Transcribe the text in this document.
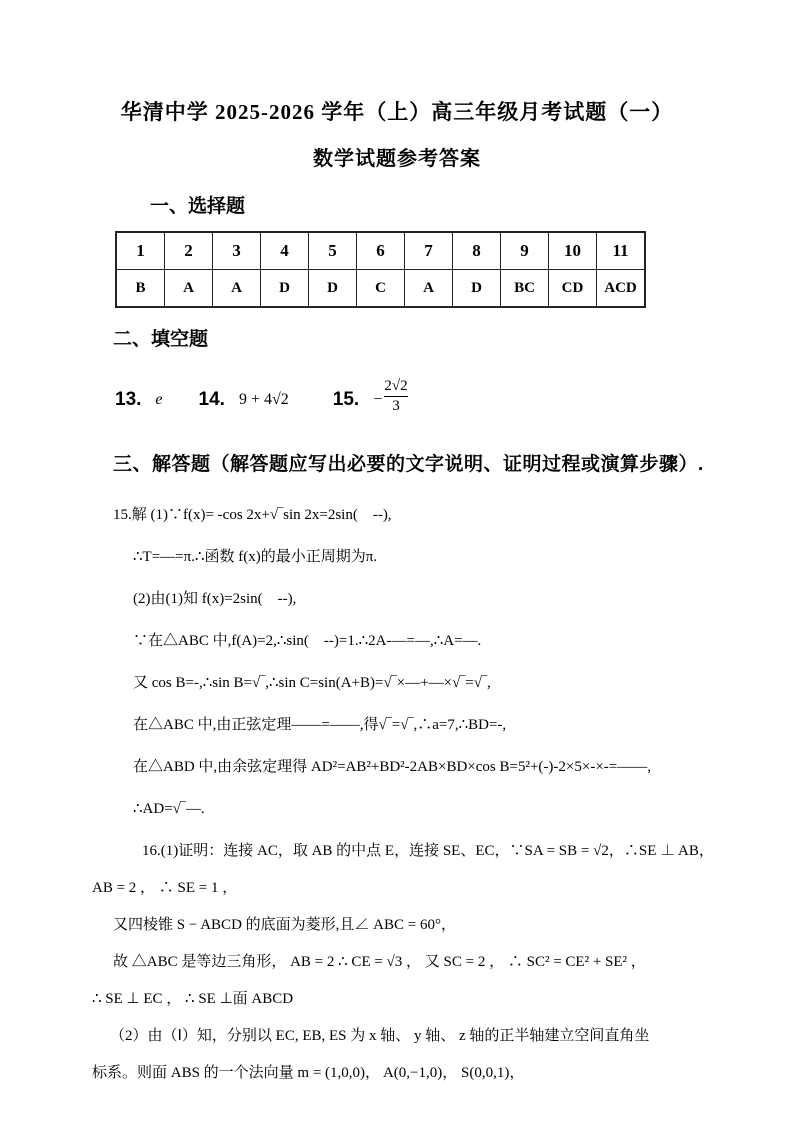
华清中学 2025-2026 学年（上）高三年级月考试题（一）
数学试题参考答案
一、选择题
1	2	3	4	5	6	7	8	9	10	11
B	A	A	D	D	C	A	D	BC	CD	ACD
二、填空题
13. e 14. 9 + 4√2 15. − $\frac{2√2}{3}$
三、解答题（解答题应写出必要的文字说明、证明过程或演算步骤）.
15.解 (1)∵f(x)= -cos 2x+√‾sin 2x=2sin(　--),
∴T=—=π.∴函数 f(x)的最小正周期为π.
(2)由(1)知 f(x)=2sin(　--),
∵在△ABC 中,f(A)=2,∴sin(　--)=1.∴2A-—=—,∴A=—.
又 cos B=-,∴sin B=√‾,∴sin C=sin(A+B)=√‾×—+—×√‾=√‾,
在△ABC 中,由正弦定理——=——,得√‾=√‾,∴a=7,∴BD=-,
在△ABD 中,由余弦定理得 AD²=AB²+BD²-2AB×BD×cos B=5²+(-)-2×5×-×-=——,
∴AD=√‾—.
16.(1)证明：连接 AC，取 AB 的中点 E，连接 SE、EC，∵SA = SB = √2，∴SE ⊥ AB，
AB = 2 ， ∴ SE = 1 ，
又四棱锥 S − ABCD 的底面为菱形,且∠ ABC = 60°，
故 △ABC 是等边三角形， AB = 2 ∴ CE = √3 ， 又 SC = 2 ， ∴ SC² = CE² + SE² ，
∴ SE ⊥ EC ， ∴ SE ⊥面 ABCD
（2）由（Ⅰ）知，分别以 EC, EB, ES 为 x 轴、 y 轴、 z 轴的正半轴建立空间直角坐
标系。则面 ABS 的一个法向量 m = (1,0,0)， A(0,−1,0)， S(0,0,1)，
